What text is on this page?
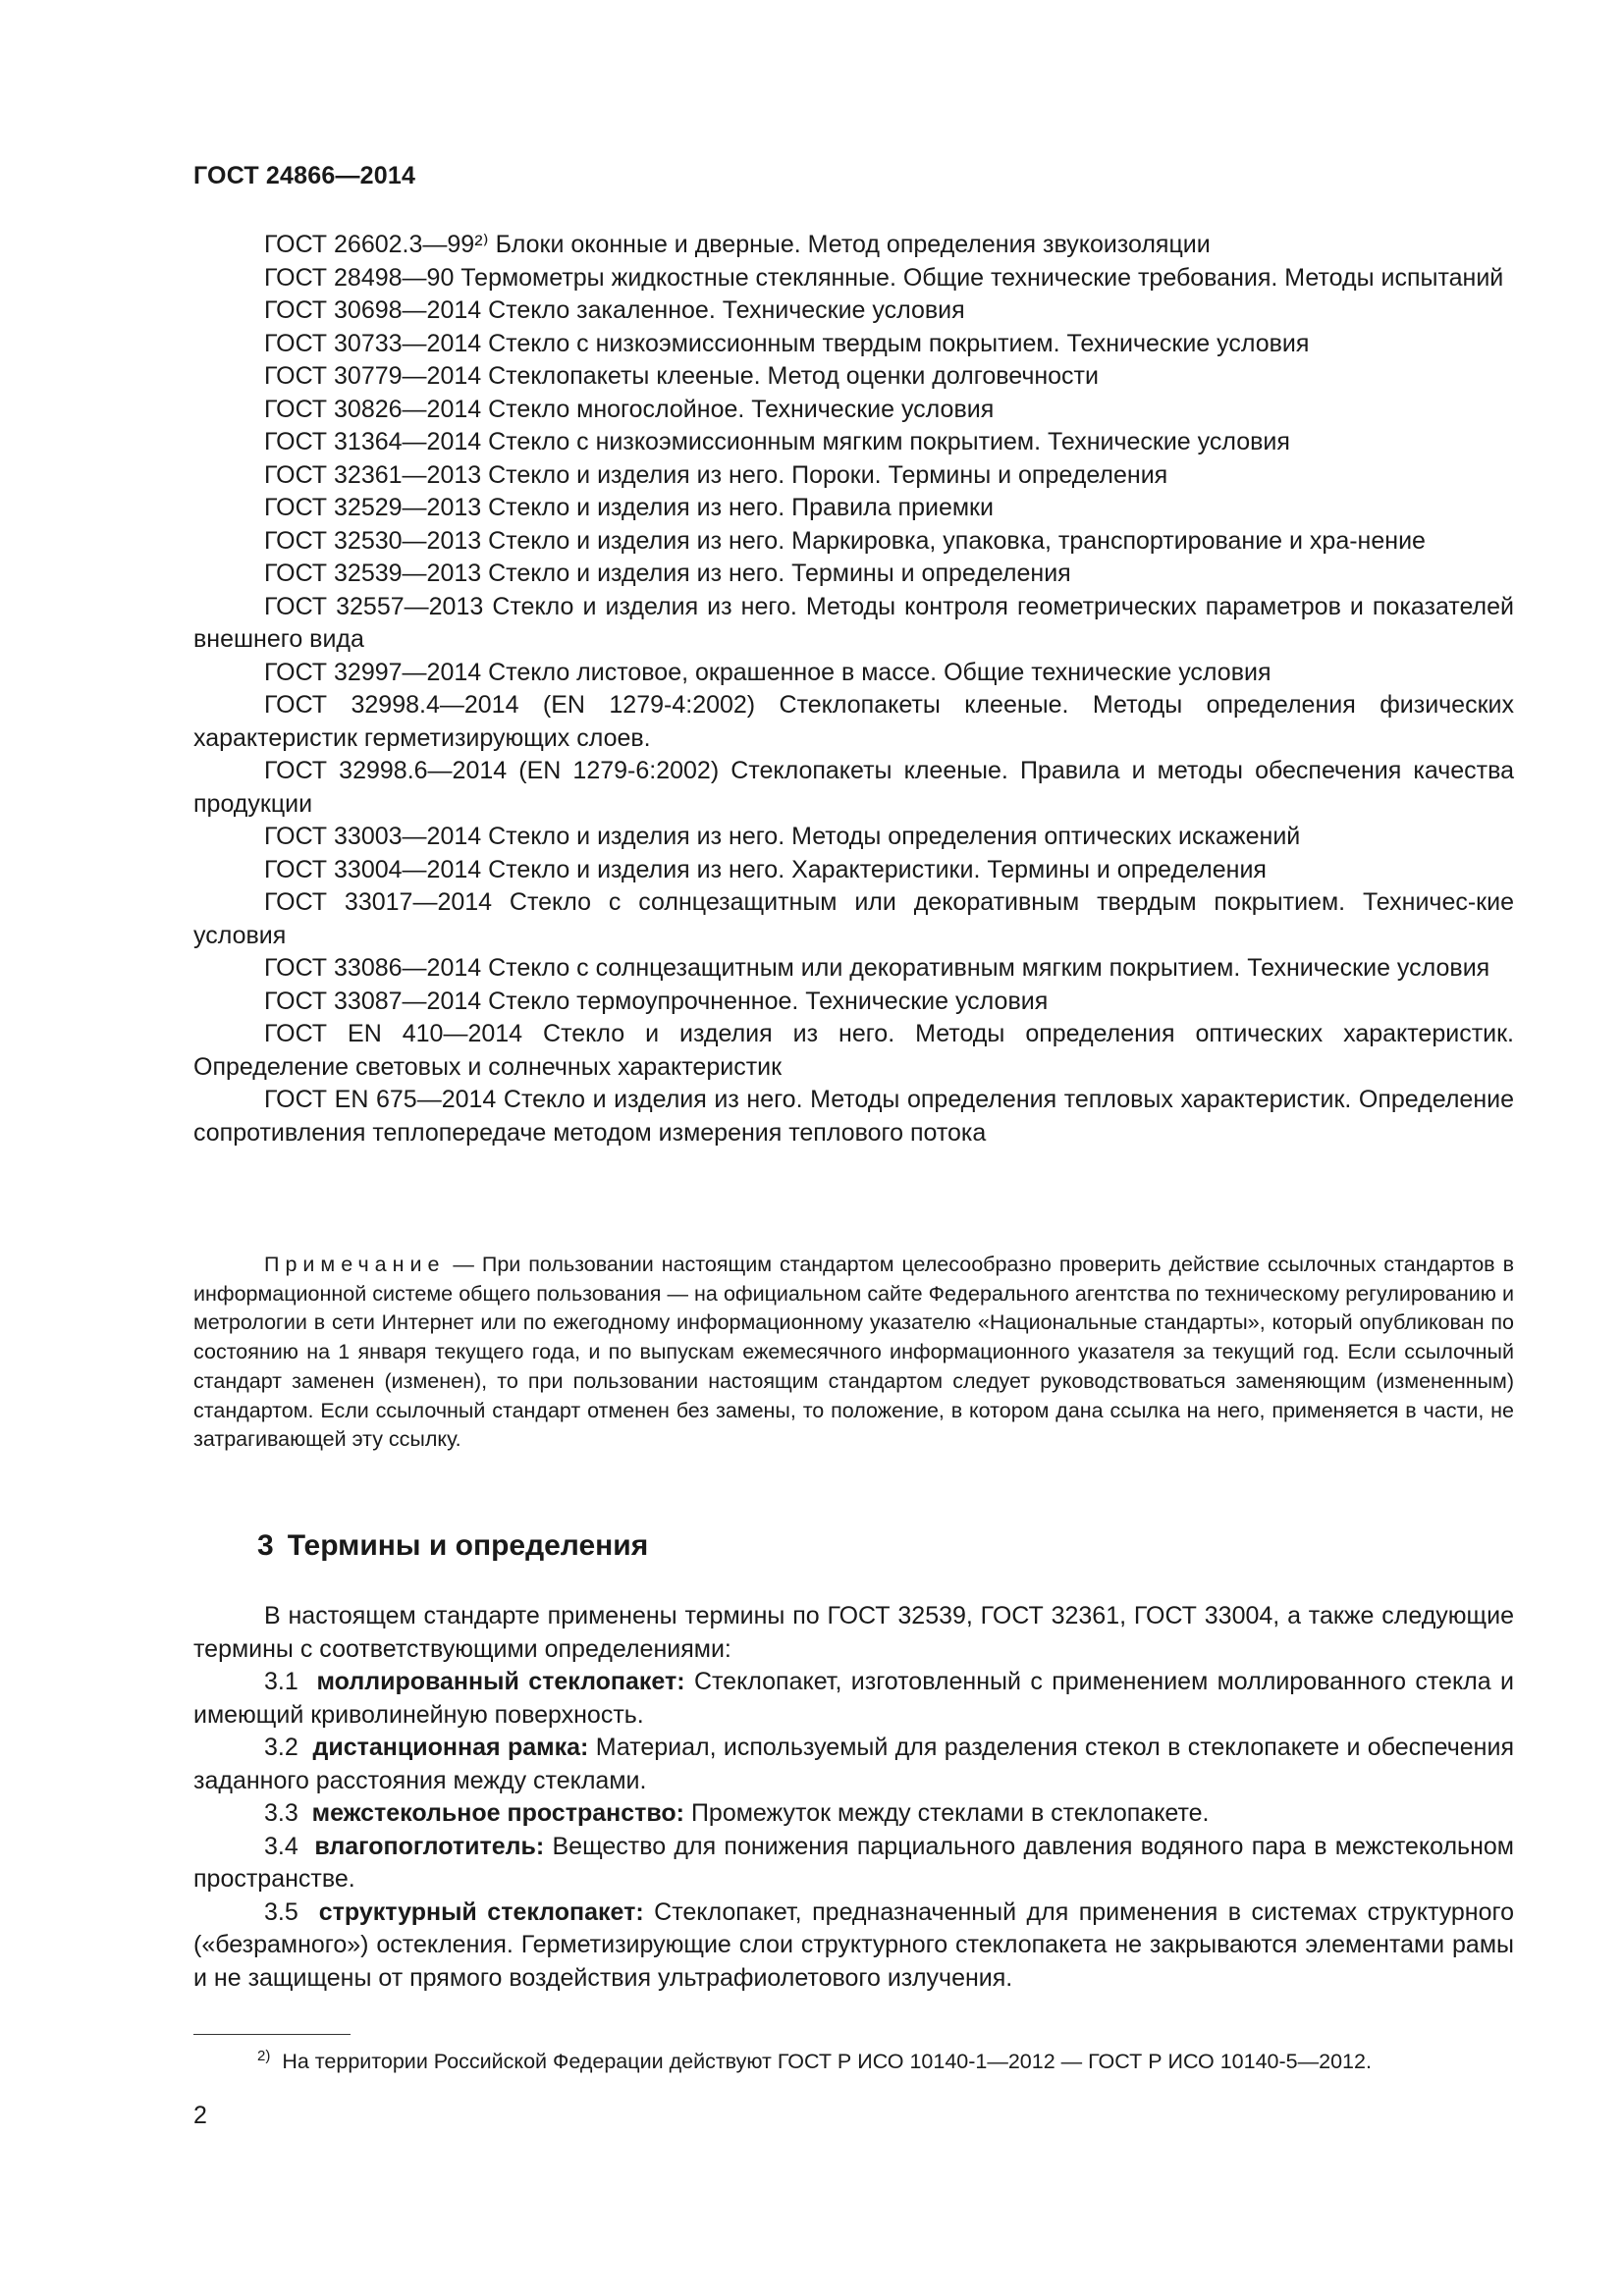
ГОСТ 24866—2014

ГОСТ 26602.3—99²⁾ Блоки оконные и дверные. Метод определения звукоизоляции

ГОСТ 28498—90 Термометры жидкостные стеклянные. Общие технические требования. Методы испытаний

ГОСТ 30698—2014 Стекло закаленное. Технические условия

ГОСТ 30733—2014 Стекло с низкоэмиссионным твердым покрытием. Технические условия

ГОСТ 30779—2014 Стеклопакеты клееные. Метод оценки долговечности

ГОСТ 30826—2014 Стекло многослойное. Технические условия

ГОСТ 31364—2014 Стекло с низкоэмиссионным мягким покрытием. Технические условия

ГОСТ 32361—2013 Стекло и изделия из него. Пороки. Термины и определения

ГОСТ 32529—2013 Стекло и изделия из него. Правила приемки

ГОСТ 32530—2013 Стекло и изделия из него. Маркировка, упаковка, транспортирование и хра-нение

ГОСТ 32539—2013 Стекло и изделия из него. Термины и определения

ГОСТ 32557—2013 Стекло и изделия из него. Методы контроля геометрических параметров и показателей внешнего вида

ГОСТ 32997—2014 Стекло листовое, окрашенное в массе. Общие технические условия

ГОСТ 32998.4—2014 (EN 1279-4:2002) Стеклопакеты клееные. Методы определения физических характеристик герметизирующих слоев.

ГОСТ 32998.6—2014 (EN 1279-6:2002) Стеклопакеты клееные. Правила и методы обеспечения качества продукции

ГОСТ 33003—2014 Стекло и изделия из него. Методы определения оптических искажений

ГОСТ 33004—2014 Стекло и изделия из него. Характеристики. Термины и определения

ГОСТ 33017—2014 Стекло с солнцезащитным или декоративным твердым покрытием. Техничес-кие условия

ГОСТ 33086—2014 Стекло с солнцезащитным или декоративным мягким покрытием. Технические условия

ГОСТ 33087—2014 Стекло термоупрочненное. Технические условия

ГОСТ EN 410—2014 Стекло и изделия из него. Методы определения оптических характеристик. Определение световых и солнечных характеристик

ГОСТ EN 675—2014 Стекло и изделия из него. Методы определения тепловых характеристик. Определение сопротивления теплопередаче методом измерения теплового потока

Примечание — При пользовании настоящим стандартом целесообразно проверить действие ссылочных стандартов в информационной системе общего пользования — на официальном сайте Федерального агентства по техническому регулированию и метрологии в сети Интернет или по ежегодному информационному указателю «Национальные стандарты», который опубликован по состоянию на 1 января текущего года, и по выпускам ежемесячного информационного указателя за текущий год. Если ссылочный стандарт заменен (изменен), то при пользовании настоящим стандартом следует руководствоваться заменяющим (измененным) стандартом. Если ссылочный стандарт отменен без замены, то положение, в котором дана ссылка на него, применяется в части, не затрагивающей эту ссылку.

3 Термины и определения

В настоящем стандарте применены термины по ГОСТ 32539, ГОСТ 32361, ГОСТ 33004, а также следующие термины с соответствующими определениями:

3.1 моллированный стеклопакет: Стеклопакет, изготовленный с применением моллированного стекла и имеющий криволинейную поверхность.

3.2 дистанционная рамка: Материал, используемый для разделения стекол в стеклопакете и обеспечения заданного расстояния между стеклами.

3.3 межстекольное пространство: Промежуток между стеклами в стеклопакете.

3.4 влагопоглотитель: Вещество для понижения парциального давления водяного пара в межстекольном пространстве.

3.5 структурный стеклопакет: Стеклопакет, предназначенный для применения в системах структурного («безрамного») остекления. Герметизирующие слои структурного стеклопакета не закрываются элементами рамы и не защищены от прямого воздействия ультрафиолетового излучения.

$^{2)}$ На территории Российской Федерации действуют ГОСТ Р ИСО 10140-1—2012 — ГОСТ Р ИСО 10140-5—2012.
2
